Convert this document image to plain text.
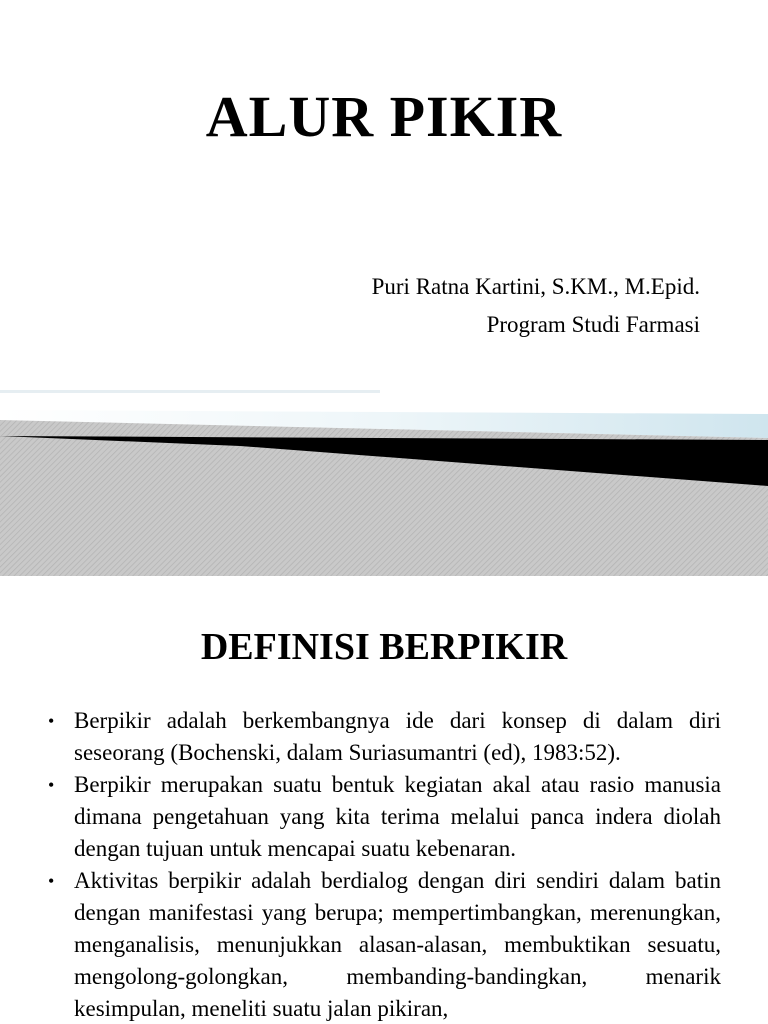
ALUR PIKIR
Puri Ratna Kartini, S.KM., M.Epid.
Program Studi Farmasi
DEFINISI BERPIKIR
• Berpikir adalah berkembangnya ide dari konsep di dalam diri seseorang (Bochenski, dalam Suriasumantri (ed), 1983:52).
• Berpikir merupakan suatu bentuk kegiatan akal atau rasio manusia dimana pengetahuan yang kita terima melalui panca indera diolah dengan tujuan untuk mencapai suatu kebenaran.
• Aktivitas berpikir adalah berdialog dengan diri sendiri dalam batin dengan manifestasi yang berupa; mempertimbangkan, merenungkan, menganalisis, menunjukkan alasan-alasan, membuktikan sesuatu, mengolong-golongkan, membanding-bandingkan, menarik kesimpulan, meneliti suatu jalan pikiran,
